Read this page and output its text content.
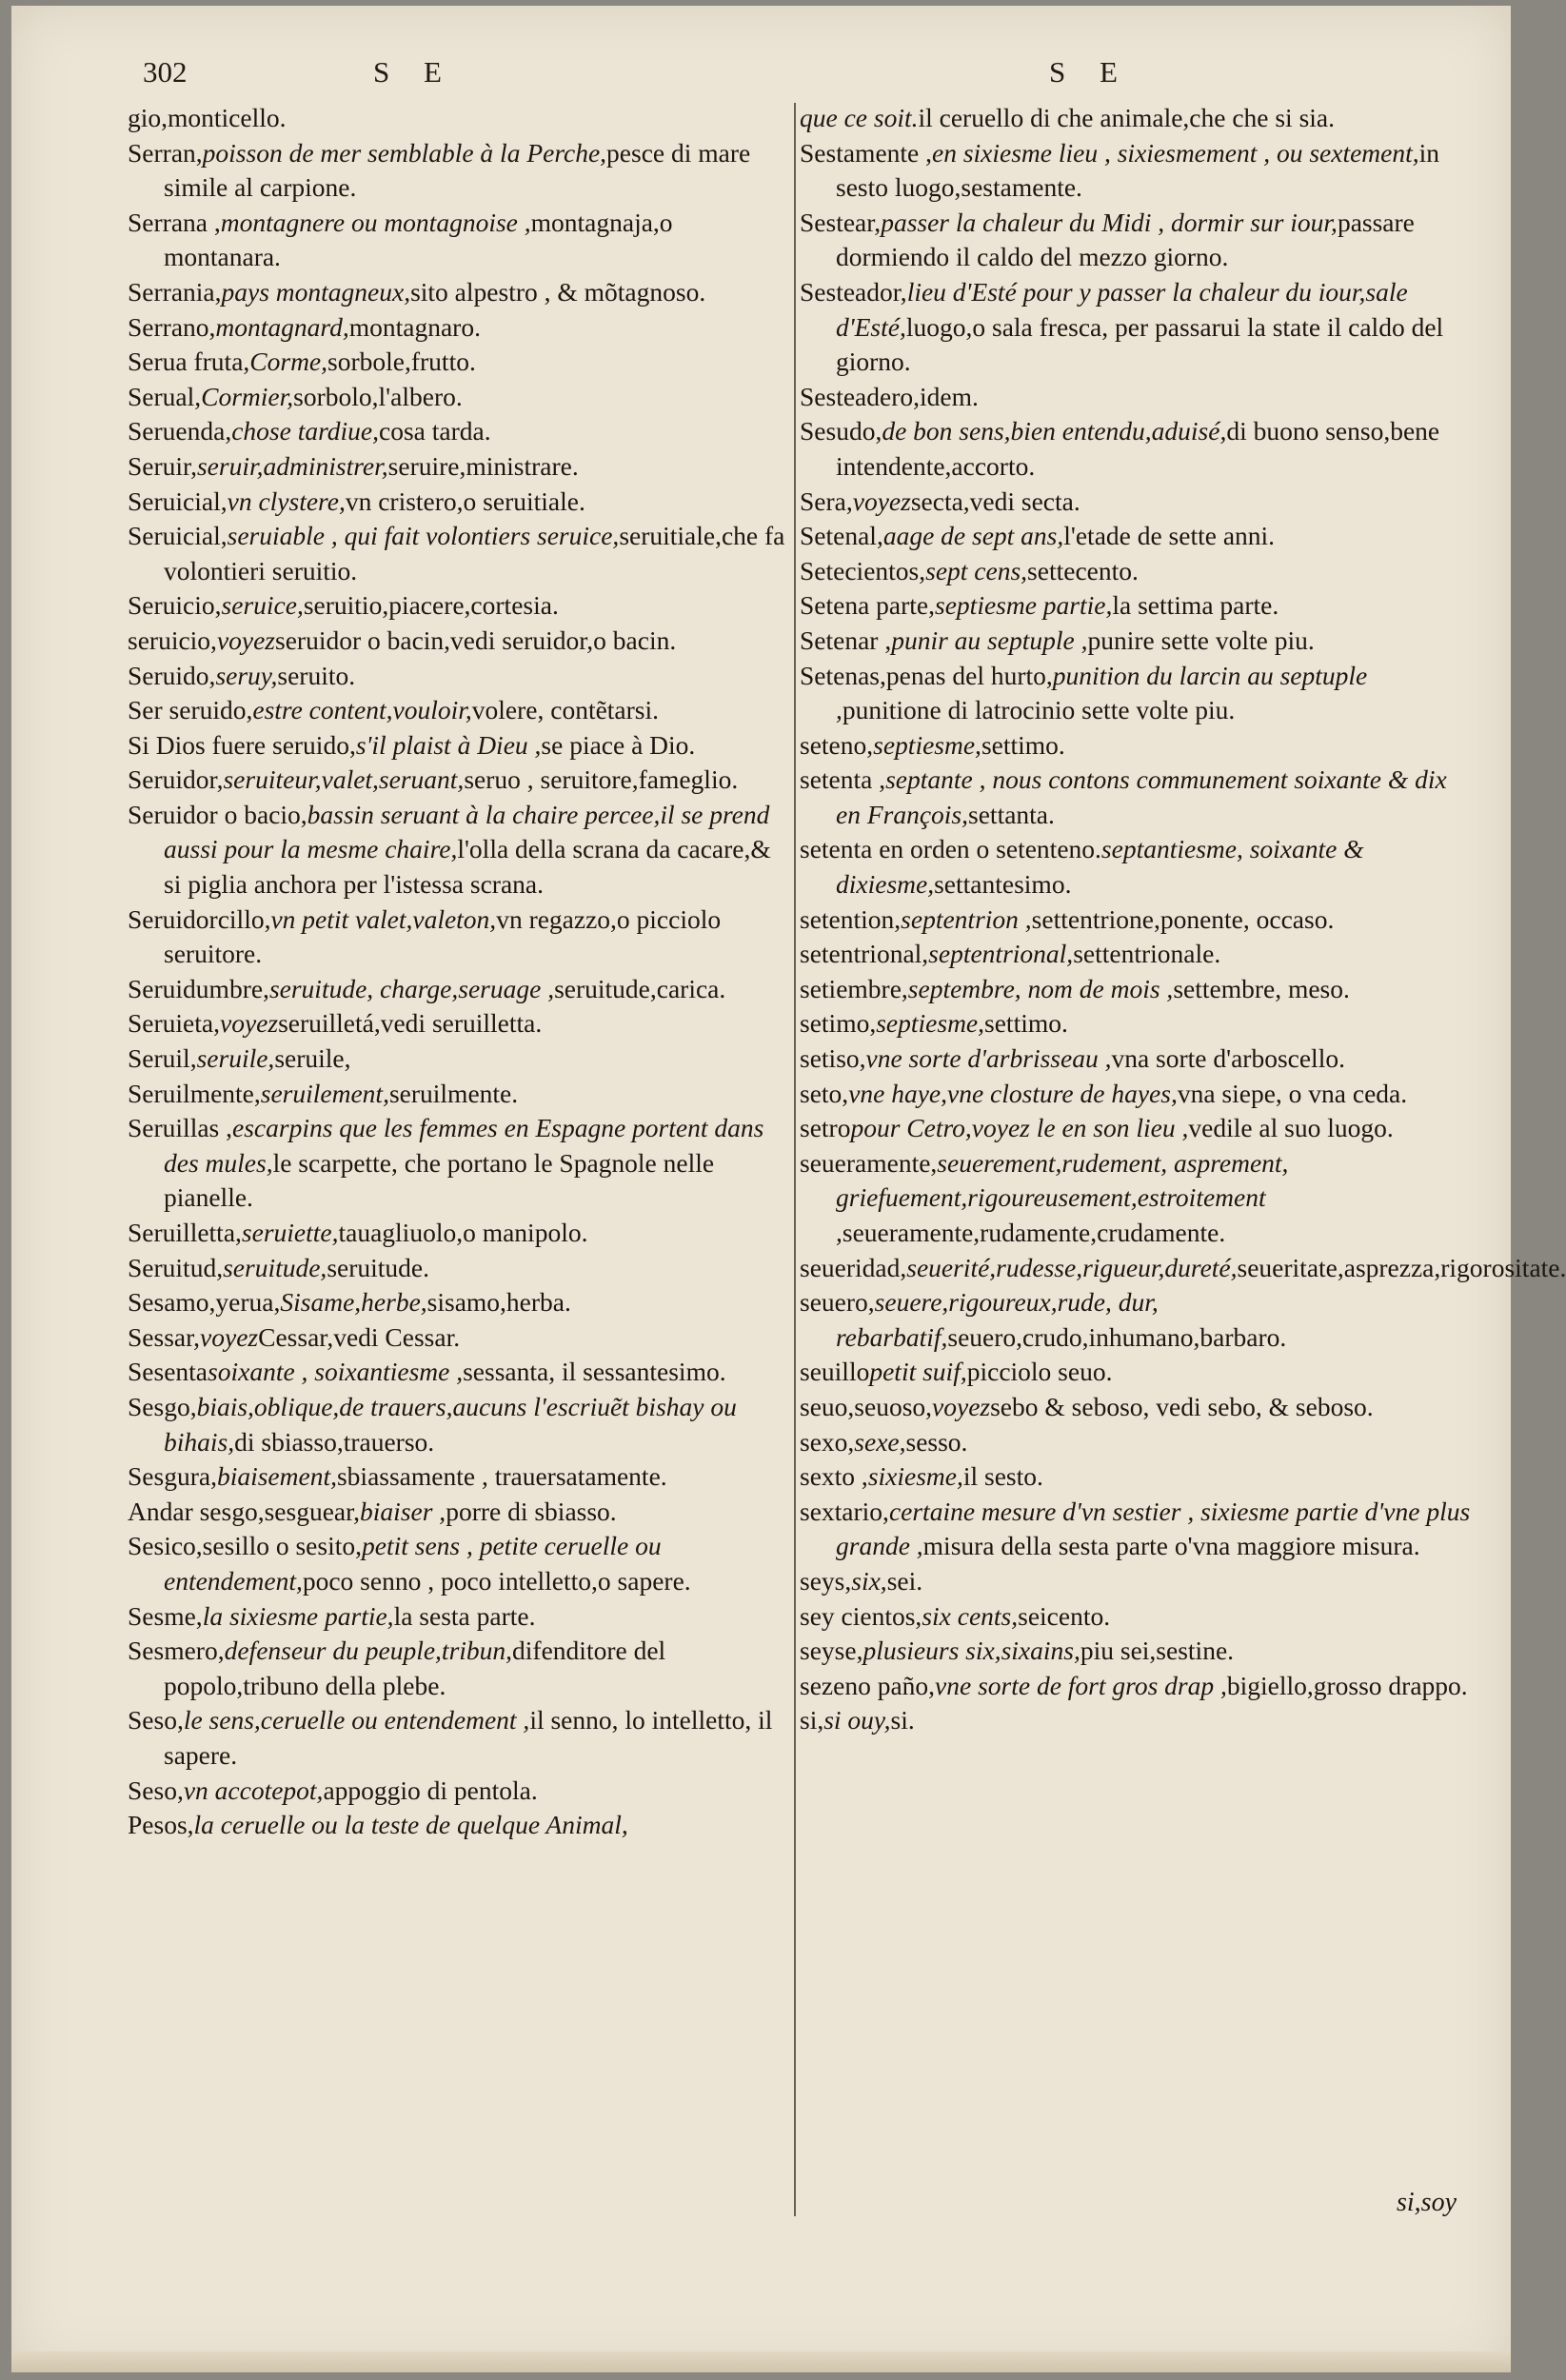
302	S E	S E

gio,monticello.

Serran,poisson de mer semblable à la Perche,pesce di mare simile al carpione.

Serrana ,montagnere ou montagnoise ,montagnaja,o montanara.

Serrania,pays montagneux,sito alpestro , & mõtagnoso.

Serrano,montagnard,montagnaro.

Serua fruta,Corme,sorbole,frutto.

Serual,Cormier,sorbolo,l'albero.

Seruenda,chose tardiue,cosa tarda.

Seruir,seruir,administrer,seruire,ministrare.

Seruicial,vn clystere,vn cristero,o seruitiale.

Seruicial,seruiable , qui fait volontiers seruice,seruitiale,che fa volontieri seruitio.

Seruicio,seruice,seruitio,piacere,cortesia.

seruicio,voyezseruidor o bacin,vedi seruidor,o bacin.

Seruido,seruy,seruito.

Ser seruido,estre content,vouloir,volere, contẽtarsi.

Si Dios fuere seruido,s'il plaist à Dieu ,se piace à Dio.

Seruidor,seruiteur,valet,seruant,seruo , seruitore,fameglio.

Seruidor o bacio,bassin seruant à la chaire percee,il se prend aussi pour la mesme chaire,l'olla della scrana da cacare,& si piglia anchora per l'istessa scrana.

Seruidorcillo,vn petit valet,valeton,vn regazzo,o picciolo seruitore.

Seruidumbre,seruitude, charge,seruage ,seruitude,carica.

Seruieta,voyezseruilletá,vedi seruilletta.

Seruil,seruile,seruile,

Seruilmente,seruilement,seruilmente.

Seruillas ,escarpins que les femmes en Espagne portent dans des mules,le scarpette, che portano le Spagnole nelle pianelle.

Seruilletta,seruiette,tauagliuolo,o manipolo.

Seruitud,seruitude,seruitude.

Sesamo,yerua,Sisame,herbe,sisamo,herba.

Sessar,voyezCessar,vedi Cessar.

Sesentasoixante , soixantiesme ,sessanta, il sessantesimo.

Sesgo,biais,oblique,de trauers,aucuns l'escriuẽt bishay ou bihais,di sbiasso,trauerso.

Sesgura,biaisement,sbiassamente , trauersatamente.

Andar sesgo,sesguear,biaiser ,porre di sbiasso.

Sesico,sesillo o sesito,petit sens , petite ceruelle ou entendement,poco senno , poco intelletto,o sapere.

Sesme,la sixiesme partie,la sesta parte.

Sesmero,defenseur du peuple,tribun,difenditore del popolo,tribuno della plebe.

Seso,le sens,ceruelle ou entendement ,il senno, lo intelletto, il sapere.

Seso,vn accotepot,appoggio di pentola.

Pesos,la ceruelle ou la teste de quelque Animal,

que ce soit.il ceruello di che animale,che che si sia.

Sestamente ,en sixiesme lieu , sixiesmement , ou sextement,in sesto luogo,sestamente.

Sestear,passer la chaleur du Midi , dormir sur iour,passare dormiendo il caldo del mezzo giorno.

Sesteador,lieu d'Esté pour y passer la chaleur du iour,sale d'Esté,luogo,o sala fresca, per passarui la state il caldo del giorno.

Sesteadero,idem.

Sesudo,de bon sens,bien entendu,aduisé,di buono senso,bene intendente,accorto.

Sera,voyezsecta,vedi secta.

Setenal,aage de sept ans,l'etade de sette anni.

Setecientos,sept cens,settecento.

Setena parte,septiesme partie,la settima parte.

Setenar ,punir au septuple ,punire sette volte piu.

Setenas,penas del hurto,punition du larcin au septuple ,punitione di latrocinio sette volte piu.

seteno,septiesme,settimo.

setenta ,septante , nous contons communement soixante & dix en François,settanta.

setenta en orden o setenteno.septantiesme, soixante & dixiesme,settantesimo.

setention,septentrion ,settentrione,ponente, occaso.

setentrional,septentrional,settentrionale.

setiembre,septembre, nom de mois ,settembre, meso.

setimo,septiesme,settimo.

setiso,vne sorte d'arbrisseau ,vna sorte d'arboscello.

seto,vne haye,vne closture de hayes,vna siepe, o vna ceda.

setropour Cetro,voyez le en son lieu ,vedile al suo luogo.

seueramente,seuerement,rudement, asprement, griefuement,rigoureusement,estroitement ,seueramente,rudamente,crudamente.

seueridad,seuerité,rudesse,rigueur,dureté,seueritate,asprezza,rigorositate.

seuero,seuere,rigoureux,rude, dur, rebarbatif,seuero,crudo,inhumano,barbaro.

seuillopetit suif,picciolo seuo.

seuo,seuoso,voyezsebo & seboso, vedi sebo, & seboso.

sexo,sexe,sesso.

sexto ,sixiesme,il sesto.

sextario,certaine mesure d'vn sestier , sixiesme partie d'vne plus grande ,misura della sesta parte o'vna maggiore misura.

seys,six,sei.

sey cientos,six cents,seicento.

seyse,plusieurs six,sixains,piu sei,sestine.

sezeno paño,vne sorte de fort gros drap ,bigiello,grosso drappo.

si,si ouy,si.

si,soy
